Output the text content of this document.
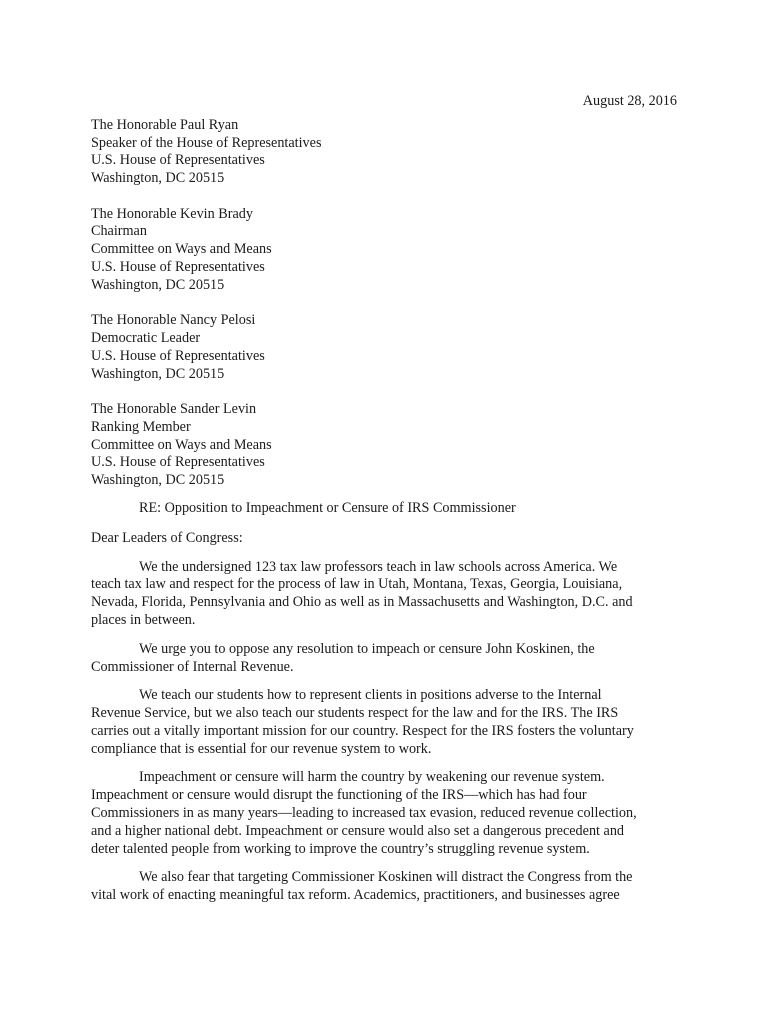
August 28, 2016
The Honorable Paul Ryan
Speaker of the House of Representatives
U.S. House of Representatives
Washington, DC 20515
The Honorable Kevin Brady
Chairman
Committee on Ways and Means
U.S. House of Representatives
Washington, DC 20515
The Honorable Nancy Pelosi
Democratic Leader
U.S. House of Representatives
Washington, DC 20515
The Honorable Sander Levin
Ranking Member
Committee on Ways and Means
U.S. House of Representatives
Washington, DC 20515
RE: Opposition to Impeachment or Censure of IRS Commissioner
Dear Leaders of Congress:
We the undersigned 123 tax law professors teach in law schools across America. We
teach tax law and respect for the process of law in Utah, Montana, Texas, Georgia, Louisiana,
Nevada, Florida, Pennsylvania and Ohio as well as in Massachusetts and Washington, D.C. and
places in between.
We urge you to oppose any resolution to impeach or censure John Koskinen, the
Commissioner of Internal Revenue.
We teach our students how to represent clients in positions adverse to the Internal
Revenue Service, but we also teach our students respect for the law and for the IRS. The IRS
carries out a vitally important mission for our country. Respect for the IRS fosters the voluntary
compliance that is essential for our revenue system to work.
Impeachment or censure will harm the country by weakening our revenue system.
Impeachment or censure would disrupt the functioning of the IRS—which has had four
Commissioners in as many years—leading to increased tax evasion, reduced revenue collection,
and a higher national debt. Impeachment or censure would also set a dangerous precedent and
deter talented people from working to improve the country’s struggling revenue system.
We also fear that targeting Commissioner Koskinen will distract the Congress from the
vital work of enacting meaningful tax reform. Academics, practitioners, and businesses agree
